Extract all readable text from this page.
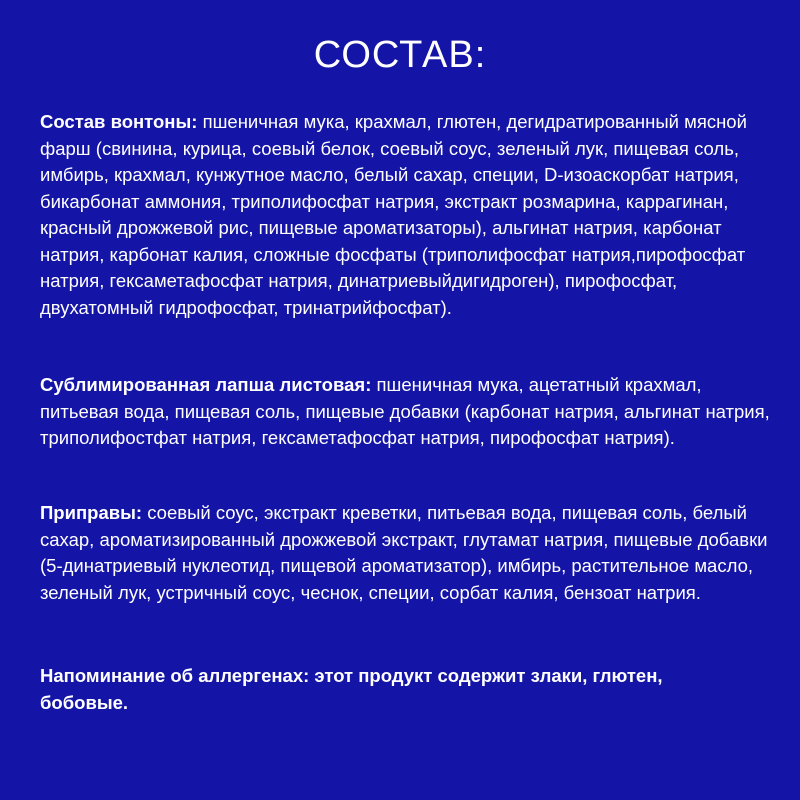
СОСТАВ:

Состав вонтоны: пшеничная мука, крахмал, глютен, дегидратированный мясной фарш (свинина, курица, соевый белок, соевый соус, зеленый лук, пищевая соль, имбирь, крахмал, кунжутное масло, белый сахар, специи, D-изоаскорбат натрия, бикарбонат аммония, триполифосфат натрия, экстракт розмарина, каррагинан, красный дрожжевой рис, пищевые ароматизаторы), альгинат натрия, карбонат натрия, карбонат калия, сложные фосфаты (триполифосфат натрия,пирофосфат натрия, гексаметафосфат натрия, динатриевыйдигидроген), пирофосфат, двухатомный гидрофосфат, тринатрийфосфат).

Сублимированная лапша листовая: пшеничная мука, ацетатный крахмал, питьевая вода, пищевая соль, пищевые добавки (карбонат натрия, альгинат натрия, триполифостфат натрия, гексаметафосфат натрия, пирофосфат натрия).

Приправы: соевый соус, экстракт креветки, питьевая вода, пищевая соль, белый сахар, ароматизированный дрожжевой экстракт, глутамат натрия, пищевые добавки (5-динатриевый нуклеотид, пищевой ароматизатор), имбирь, растительное масло, зеленый лук, устричный соус, чеснок, специи, сорбат калия, бензоат натрия.

Напоминание об аллергенах: этот продукт содержит злаки, глютен, бобовые.
